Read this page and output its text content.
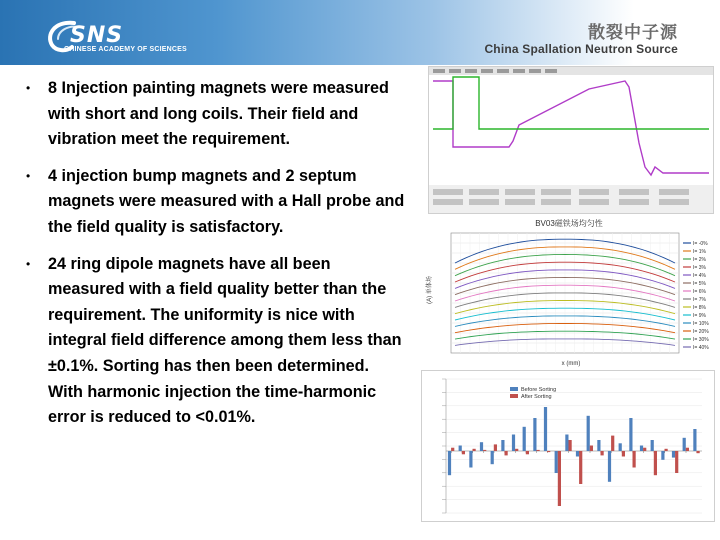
SNS
CHINESE ACADEMY OF SCIENCES
散裂中子源
China Spallation Neutron Source
• 8 Injection painting magnets were measured with short and long coils. Their field and vibration meet the requirement.
• 4 injection bump magnets and 2 septum magnets were measured with a Hall probe and the field quality is satisfactory.
• 24 ring dipole magnets have all been measured with a field quality better than the requirement. The uniformity is nice with integral field difference among them less than ±0.1%. Sorting has then been determined. With harmonic injection the time-harmonic error is reduced to <0.01%.
BV03磁铁场均匀性
(A) 单体场
x (mm)
I= -0%
I= 1%
I= 2%
I= 3%
I= 4%
I= 5%
I= 6%
I= 7%
I= 8%
I= 9%
I= 10%
I= 20%
I= 30%
I= 40%
Before Sorting
After Sorting
